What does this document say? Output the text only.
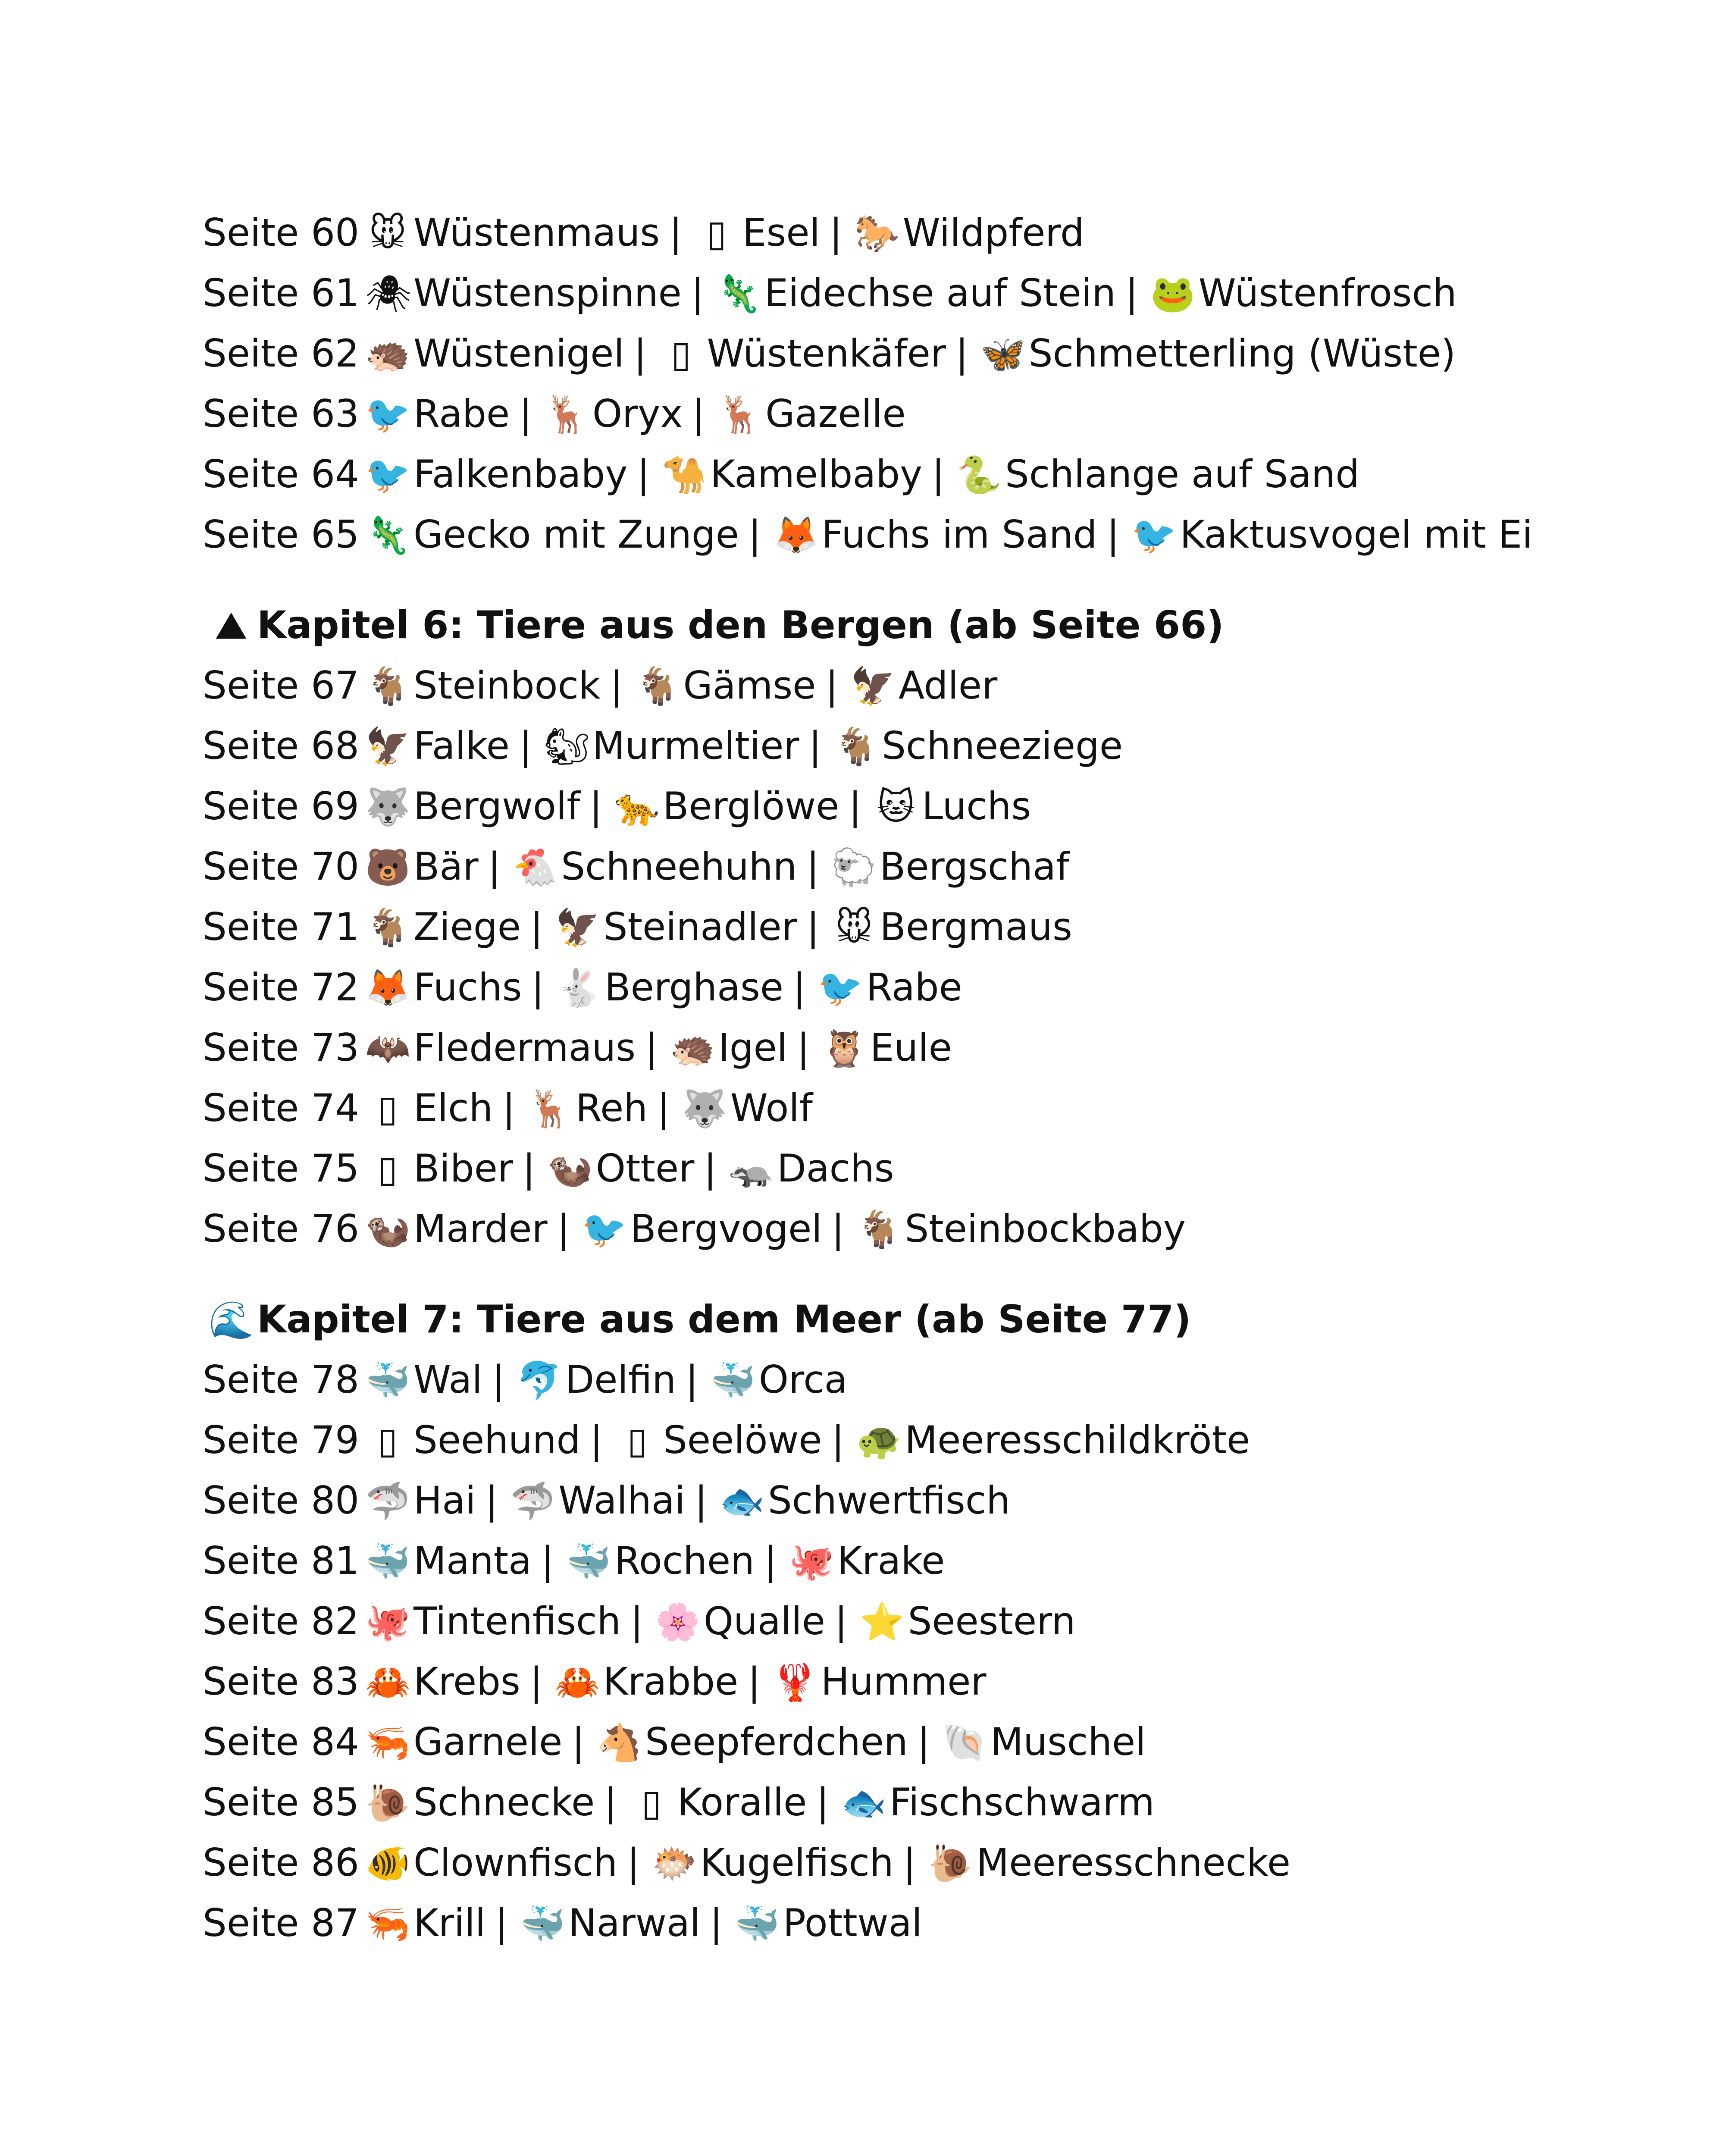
Seite 60 🐭 Wüstenmaus | ▯ Esel | 🐎Wildpferd
Seite 61 🕷Wüstenspinne | 🦎Eidechse auf Stein | 🐸Wüstenfrosch
Seite 62 🦔Wüstenigel | ▯ Wüstenkäfer | 🦋Schmetterling (Wüste)
Seite 63 🐦Rabe | 🦌Oryx | 🦌Gazelle
Seite 64 🐦Falkenbaby | 🐪Kamelbaby | 🐍Schlange auf Sand
Seite 65 🦎Gecko mit Zunge | 🦊Fuchs im Sand | 🐦Kaktusvogel mit Ei
⛰ Kapitel 6: Tiere aus den Bergen (ab Seite 66)
Seite 67 🐐Steinbock | 🐐Gämse | 🦅Adler
Seite 68 🦅Falke | 🐿Murmeltier | 🐐Schneeziege
Seite 69 🐺Bergwolf | 🐆Berglöwe | 🐱 Luchs
Seite 70 🐻Bär | 🐔Schneehuhn | 🐑Bergschaf
Seite 71 🐐Ziege | 🦅Steinadler | 🐭 Bergmaus
Seite 72 🦊Fuchs | 🐇Berghase | 🐦Rabe
Seite 73 🦇Fledermaus | 🦔Igel | 🦉Eule
Seite 74 ▯ Elch | 🦌Reh | 🐺Wolf
Seite 75 ▯ Biber | 🦦Otter | 🦡Dachs
Seite 76 🦦Marder | 🐦Bergvogel | 🐐Steinbockbaby
🌊Kapitel 7: Tiere aus dem Meer (ab Seite 77)
Seite 78 🐳Wal | 🐬Delfin | 🐳Orca
Seite 79 ▯ Seehund | ▯ Seelöwe | 🐢Meeresschildkröte
Seite 80 🦈Hai | 🦈Walhai | 🐟Schwertfisch
Seite 81 🐳Manta | 🐳Rochen | 🐙Krake
Seite 82 🐙Tintenfisch | 🌸Qualle | ⭐Seestern
Seite 83 🦀Krebs | 🦀Krabbe | 🦞Hummer
Seite 84 🦐Garnele | 🐴Seepferdchen | 🐚Muschel
Seite 85 🐌Schnecke | ▯ Koralle | 🐟Fischschwarm
Seite 86 🐠Clownfisch | 🐡Kugelfisch | 🐌Meeresschnecke
Seite 87 🦐Krill | 🐳Narwal | 🐳Pottwal
